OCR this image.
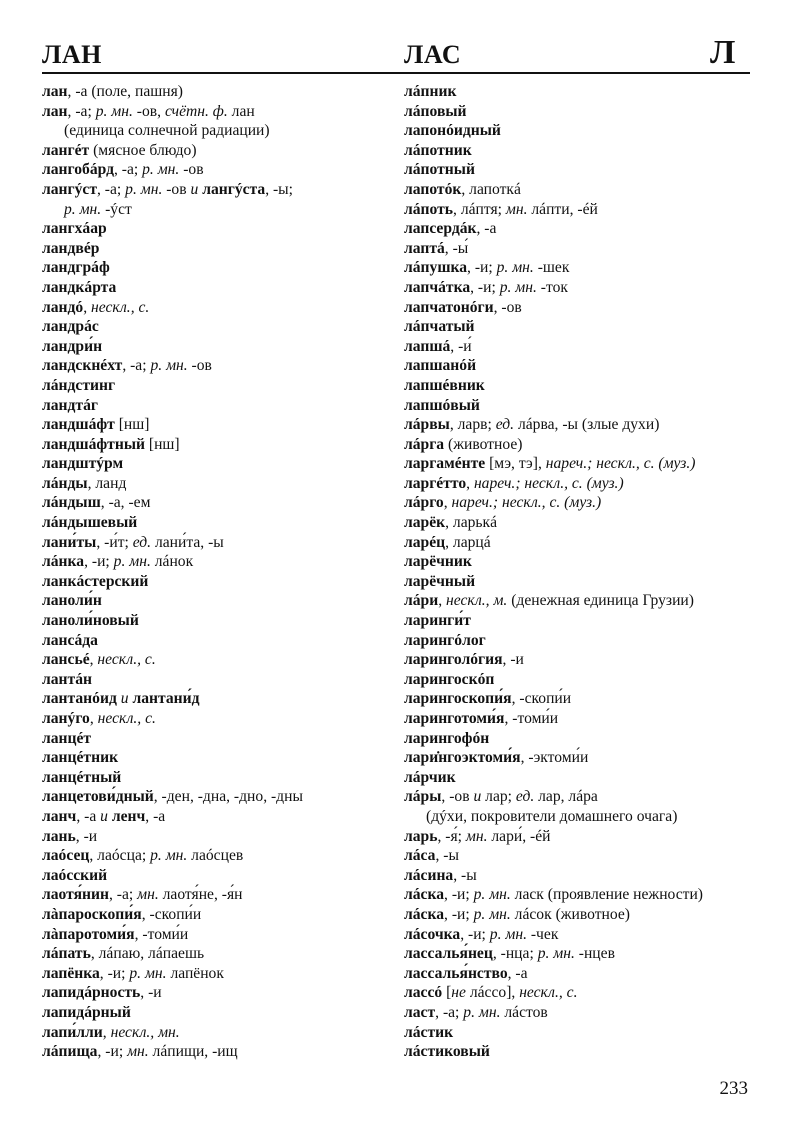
ЛАН	ЛАС	Л
лан, -а (поле, пашня)
лан, -а; р. мн. -ов, счётн. ф. лан
(единица солнечной радиации)
лангéт (мясное блюдо)
лангобáрд, -а; р. мн. -ов
лангýст, -а; р. мн. -ов и лангýста, -ы;
р. мн. -ýст
лангхáар
ландвéр
ландгрáф
ландкáрта
ландó, нескл., с.
ландрáс
ландри́н
ландскнéхт, -а; р. мн. -ов
лáндстинг
ландтáг
ландшáфт [нш]
ландшáфтный [нш]
ландштýрм
лáнды, ланд
лáндыш, -а, -ем
лáндышевый
лани́ты, -и́т; ед. лани́та, -ы
лáнка, -и; р. мн. лáнок
ланкáстерский
ланоли́н
ланоли́новый
лансáда
лансьé, нескл., с.
лантáн
лантанóид и лантани́д
ланýго, нескл., с.
ланцéт
ланцéтник
ланцéтный
ланцетови́дный, -ден, -дна, -дно, -дны
ланч, -а и ленч, -а
лань, -и
лаóсец, лаóсца; р. мн. лаóсцев
лаóсский
лаотя́нин, -а; мн. лаотя́не, -я́н
лàпароскопи́я, -скопи́и
лàпаротоми́я, -томи́и
лáпать, лáпаю, лáпаешь
лапёнка, -и; р. мн. лапёнок
лапидáрность, -и
лапидáрный
лапи́лли, нескл., мн.
лáпища, -и; мн. лáпищи, -ищ
лáпник
лáповый
лапонóидный
лáпотник
лáпотный
лапотóк, лапоткá
лáпоть, лáптя; мн. лáпти, -éй
лапсердáк, -а
лаптá, -ы́
лáпушка, -и; р. мн. -шек
лапчáтка, -и; р. мн. -ток
лапчатонóги, -ов
лáпчатый
лапшá, -и́
лапшанóй
лапшéвник
лапшóвый
лáрвы, ларв; ед. лáрва, -ы (злые духи)
лáрга (животное)
ларгамéнте [мэ, тэ], нареч.; нескл., с. (муз.)
ларгéтто, нареч.; нескл., с. (муз.)
лáрго, нареч.; нескл., с. (муз.)
ларёк, ларькá
ларéц, ларцá
ларёчник
ларёчный
лáри, нескл., м. (денежная единица Грузии)
ларинги́т
ларингóлог
ларинголóгия, -и
ларингоскóп
ларингоскопи́я, -скопи́и
ларинготоми́я, -томи́и
ларингофóн
лари̇нгоэктоми́я, -эктоми́и
лáрчик
лáры, -ов и лар; ед. лар, лáра
(дýхи, покровители домашнего очага)
ларь, -я́; мн. лари́, -éй
лáса, -ы
лáсина, -ы
лáска, -и; р. мн. ласк (проявление нежности)
лáска, -и; р. мн. лáсок (животное)
лáсочка, -и; р. мн. -чек
лассалья́нец, -нца; р. мн. -нцев
лассалья́нство, -а
лассó [не лáссо], нескл., с.
ласт, -а; р. мн. лáстов
лáстик
лáстиковый
233
